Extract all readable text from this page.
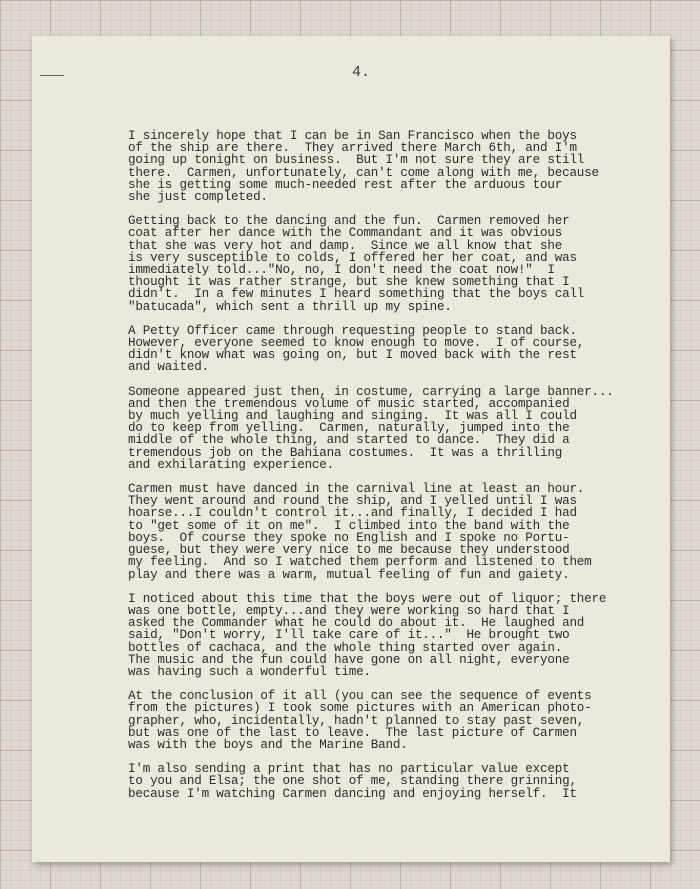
4.
I sincerely hope that I can be in San Francisco when the boys
of the ship are there.  They arrived there March 6th, and I'm
going up tonight on business.  But I'm not sure they are still
there.  Carmen, unfortunately, can't come along with me, because
she is getting some much-needed rest after the arduous tour
she just completed.
Getting back to the dancing and the fun.  Carmen removed her
coat after her dance with the Commandant and it was obvious
that she was very hot and damp.  Since we all know that she
is very susceptible to colds, I offered her her coat, and was
immediately told..."No, no, I don't need the coat now!"  I
thought it was rather strange, but she knew something that I
didn't.  In a few minutes I heard something that the boys call
"batucada", which sent a thrill up my spine.
A Petty Officer came through requesting people to stand back.
However, everyone seemed to know enough to move.  I of course,
didn't know what was going on, but I moved back with the rest
and waited.
Someone appeared just then, in costume, carrying a large banner...
and then the tremendous volume of music started, accompanied
by much yelling and laughing and singing.  It was all I could
do to keep from yelling.  Carmen, naturally, jumped into the
middle of the whole thing, and started to dance.  They did a
tremendous job on the Bahiana costumes.  It was a thrilling
and exhilarating experience.
Carmen must have danced in the carnival line at least an hour.
They went around and round the ship, and I yelled until I was
hoarse...I couldn't control it...and finally, I decided I had
to "get some of it on me".  I climbed into the band with the
boys.  Of course they spoke no English and I spoke no Portu-
guese, but they were very nice to me because they understood
my feeling.  And so I watched them perform and listened to them
play and there was a warm, mutual feeling of fun and gaiety.
I noticed about this time that the boys were out of liquor; there
was one bottle, empty...and they were working so hard that I
asked the Commander what he could do about it.  He laughed and
said, "Don't worry, I'll take care of it..."  He brought two
bottles of cachaca, and the whole thing started over again.
The music and the fun could have gone on all night, everyone
was having such a wonderful time.
At the conclusion of it all (you can see the sequence of events
from the pictures) I took some pictures with an American photo-
grapher, who, incidentally, hadn't planned to stay past seven,
but was one of the last to leave.  The last picture of Carmen
was with the boys and the Marine Band.
I'm also sending a print that has no particular value except
to you and Elsa; the one shot of me, standing there grinning,
because I'm watching Carmen dancing and enjoying herself.  It
